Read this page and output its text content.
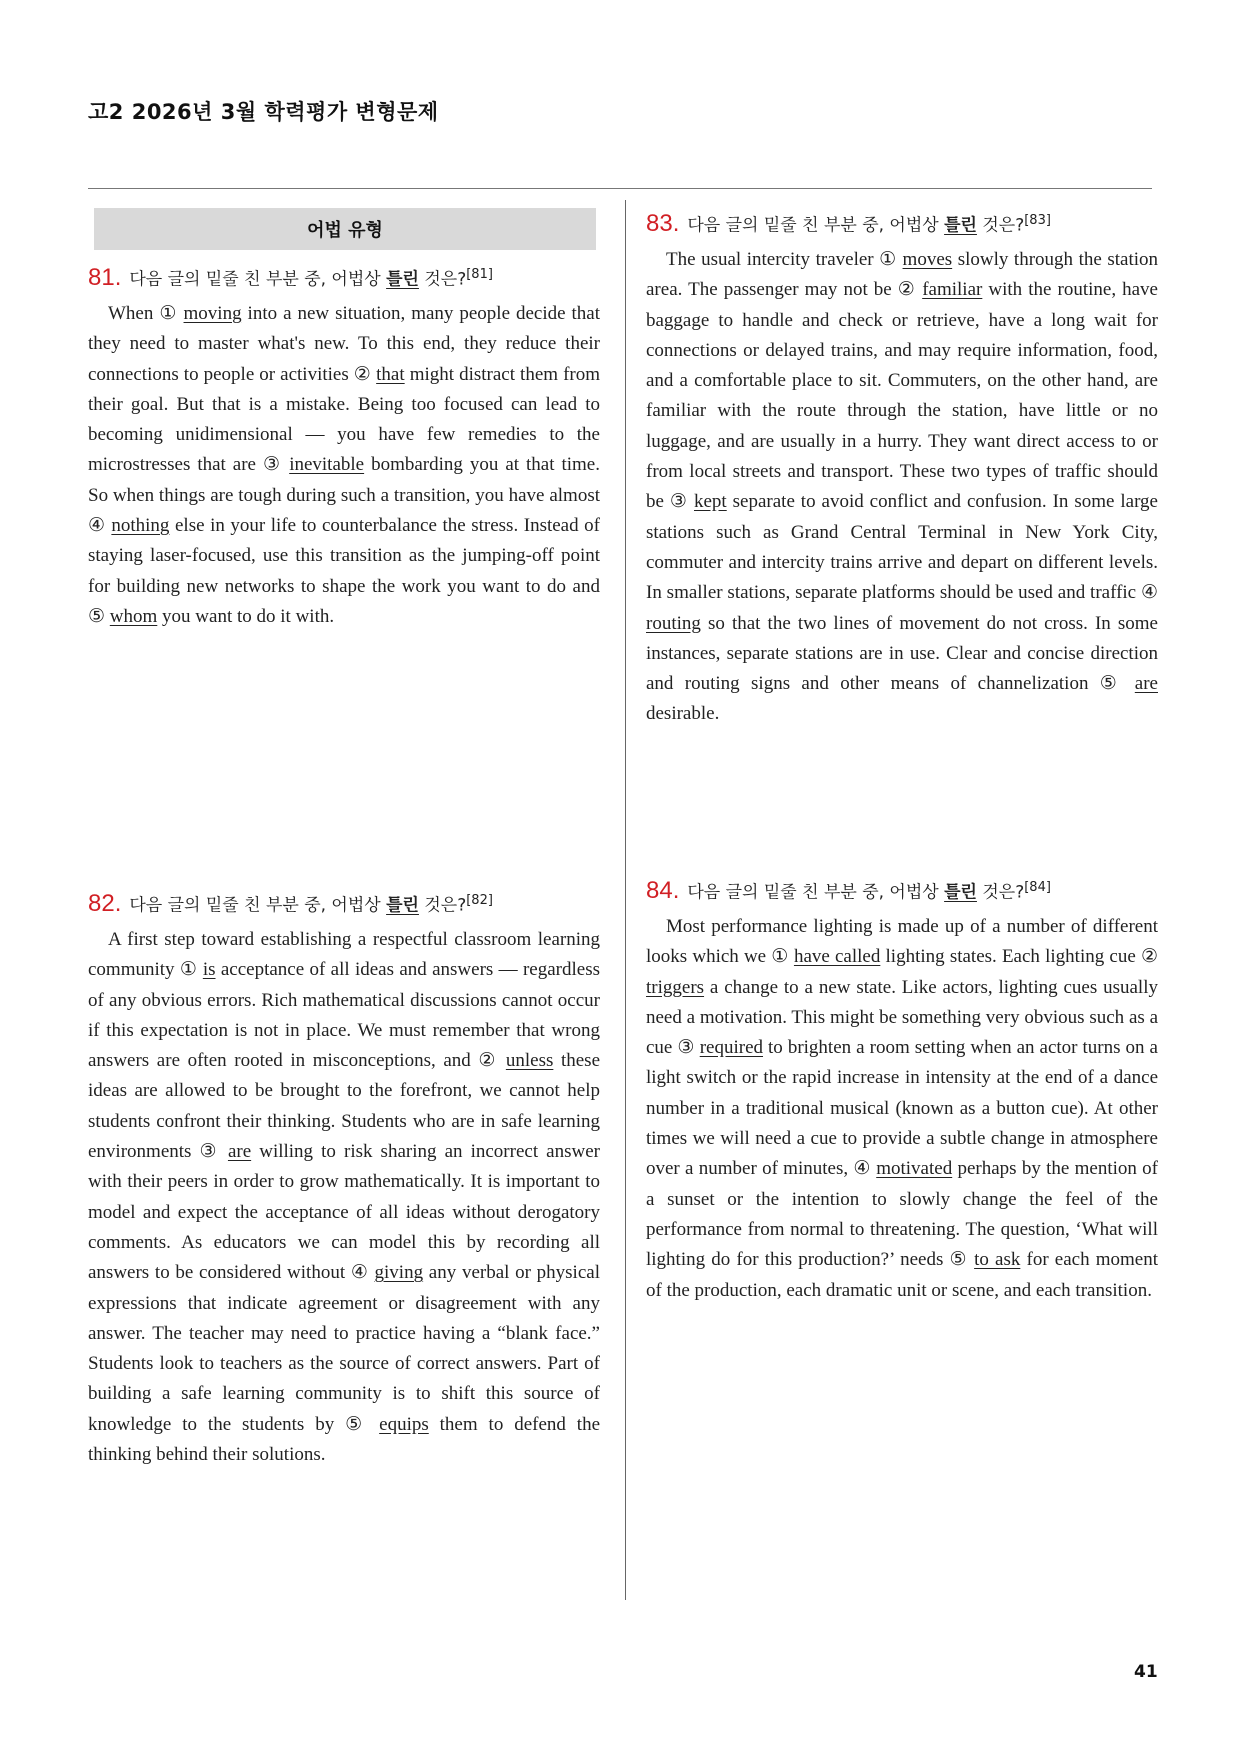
고2 2026년 3월 학력평가 변형문제
어법 유형
81. 다음 글의 밑줄 친 부분 중, 어법상 틀린 것은?[81]

When ① moving into a new situation, many people decide that they need to master what's new. To this end, they reduce their connections to people or activities ② that might distract them from their goal. But that is a mistake. Being too focused can lead to becoming unidimensional — you have few remedies to the microstresses that are ③ inevitable bombarding you at that time. So when things are tough during such a transition, you have almost ④ nothing else in your life to counterbalance the stress. Instead of staying laser-focused, use this transition as the jumping-off point for building new networks to shape the work you want to do and ⑤ whom you want to do it with.

82. 다음 글의 밑줄 친 부분 중, 어법상 틀린 것은?[82]

A first step toward establishing a respectful classroom learning community ① is acceptance of all ideas and answers — regardless of any obvious errors. Rich mathematical discussions cannot occur if this expectation is not in place. We must remember that wrong answers are often rooted in misconceptions, and ② unless these ideas are allowed to be brought to the forefront, we cannot help students confront their thinking. Students who are in safe learning environments ③ are willing to risk sharing an incorrect answer with their peers in order to grow mathematically. It is important to model and expect the acceptance of all ideas without derogatory comments. As educators we can model this by recording all answers to be considered without ④ giving any verbal or physical expressions that indicate agreement or disagreement with any answer. The teacher may need to practice having a “blank face.” Students look to teachers as the source of correct answers. Part of building a safe learning community is to shift this source of knowledge to the students by ⑤ equips them to defend the thinking behind their solutions.

83. 다음 글의 밑줄 친 부분 중, 어법상 틀린 것은?[83]

The usual intercity traveler ① moves slowly through the station area. The passenger may not be ② familiar with the routine, have baggage to handle and check or retrieve, have a long wait for connections or delayed trains, and may require information, food, and a comfortable place to sit. Commuters, on the other hand, are familiar with the route through the station, have little or no luggage, and are usually in a hurry. They want direct access to or from local streets and transport. These two types of traffic should be ③ kept separate to avoid conflict and confusion. In some large stations such as Grand Central Terminal in New York City, commuter and intercity trains arrive and depart on different levels. In smaller stations, separate platforms should be used and traffic ④ routing so that the two lines of movement do not cross. In some instances, separate stations are in use. Clear and concise direction and routing signs and other means of channelization ⑤ are desirable.

84. 다음 글의 밑줄 친 부분 중, 어법상 틀린 것은?[84]

Most performance lighting is made up of a number of different looks which we ① have called lighting states. Each lighting cue ② triggers a change to a new state. Like actors, lighting cues usually need a motivation. This might be something very obvious such as a cue ③ required to brighten a room setting when an actor turns on a light switch or the rapid increase in intensity at the end of a dance number in a traditional musical (known as a button cue). At other times we will need a cue to provide a subtle change in atmosphere over a number of minutes, ④ motivated perhaps by the mention of a sunset or the intention to slowly change the feel of the performance from normal to threatening. The question, ‘What will lighting do for this production?’ needs ⑤ to ask for each moment of the production, each dramatic unit or scene, and each transition.

41
